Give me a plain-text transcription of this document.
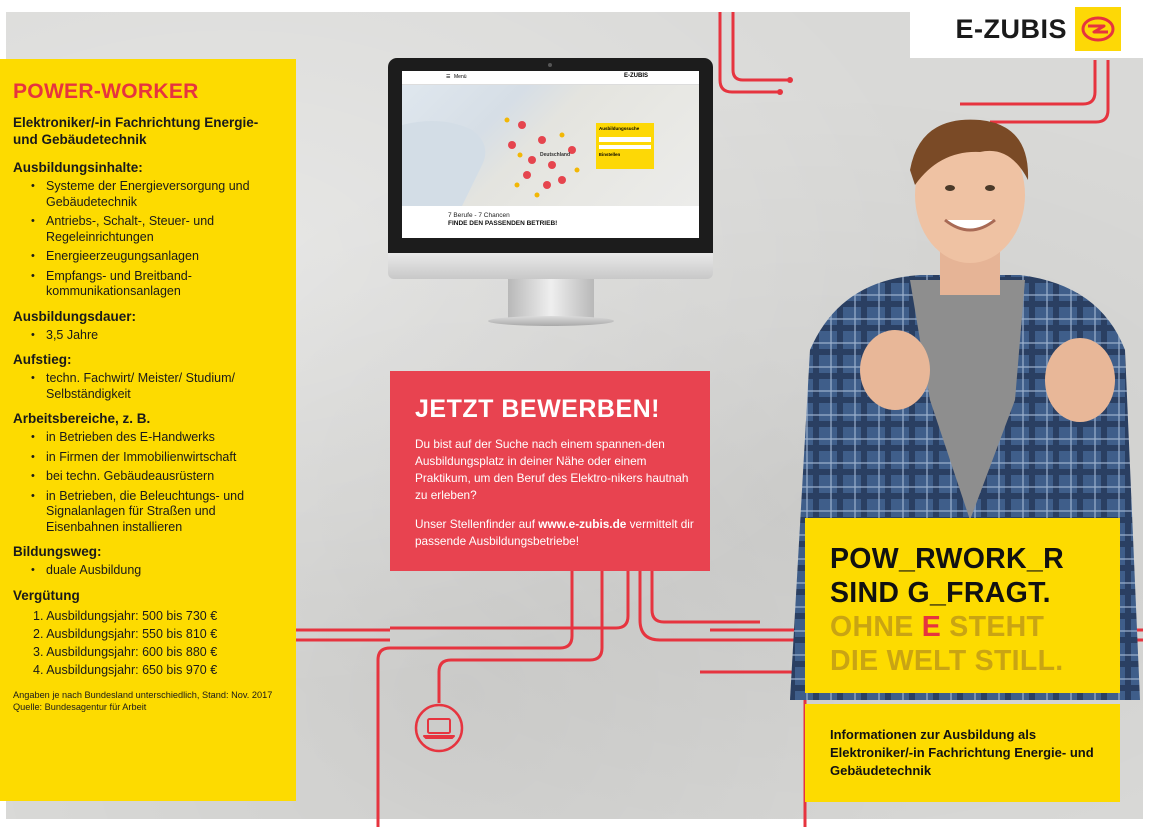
E-ZUBIS
POWER-WORKER
Elektroniker/-in Fachrichtung Energie- und Gebäudetechnik
Ausbildungsinhalte:
• Systeme der Energieversorgung und Gebäudetechnik
• Antriebs-, Schalt-, Steuer- und Regeleinrichtungen
• Energieerzeugungsanlagen
• Empfangs- und Breitband-kommunikationsanlagen
Ausbildungsdauer:
• 3,5 Jahre
Aufstieg:
• techn. Fachwirt/ Meister/ Studium/ Selbständigkeit
Arbeitsbereiche, z. B.
• in Betrieben des E-Handwerks
• in Firmen der Immobilienwirtschaft
• bei techn. Gebäudeausrüstern
• in Betrieben, die Beleuchtungs- und Signalanlagen für Straßen und Eisenbahnen installieren
Bildungsweg:
• duale Ausbildung
Vergütung
1. Ausbildungsjahr: 500 bis 730 €
2. Ausbildungsjahr: 550 bis 810 €
3. Ausbildungsjahr: 600 bis 880 €
4. Ausbildungsjahr: 650 bis 970 €
Angaben je nach Bundesland unterschiedlich, Stand: Nov. 2017 Quelle: Bundesagentur für Arbeit
☰ Menü	E-ZUBIS
Deutschland
Ausbildungssuche
Einstellen
7 Berufe - 7 Chancen
FINDE DEN PASSENDEN BETRIEB!
JETZT BEWERBEN!

Du bist auf der Suche nach einem spannen-den Ausbildungsplatz in deiner Nähe oder einem Praktikum, um den Beruf des Elektro-nikers hautnah zu erleben?

Unser Stellenfinder auf www.e-zubis.de vermittelt dir passende Ausbildungsbetriebe!

POW_RWORK_R
SIND G_FRAGT.
OHNE E STEHT
DIE WELT STILL.
Informationen zur Ausbildung als Elektroniker/-in Fachrichtung Energie- und Gebäudetechnik
